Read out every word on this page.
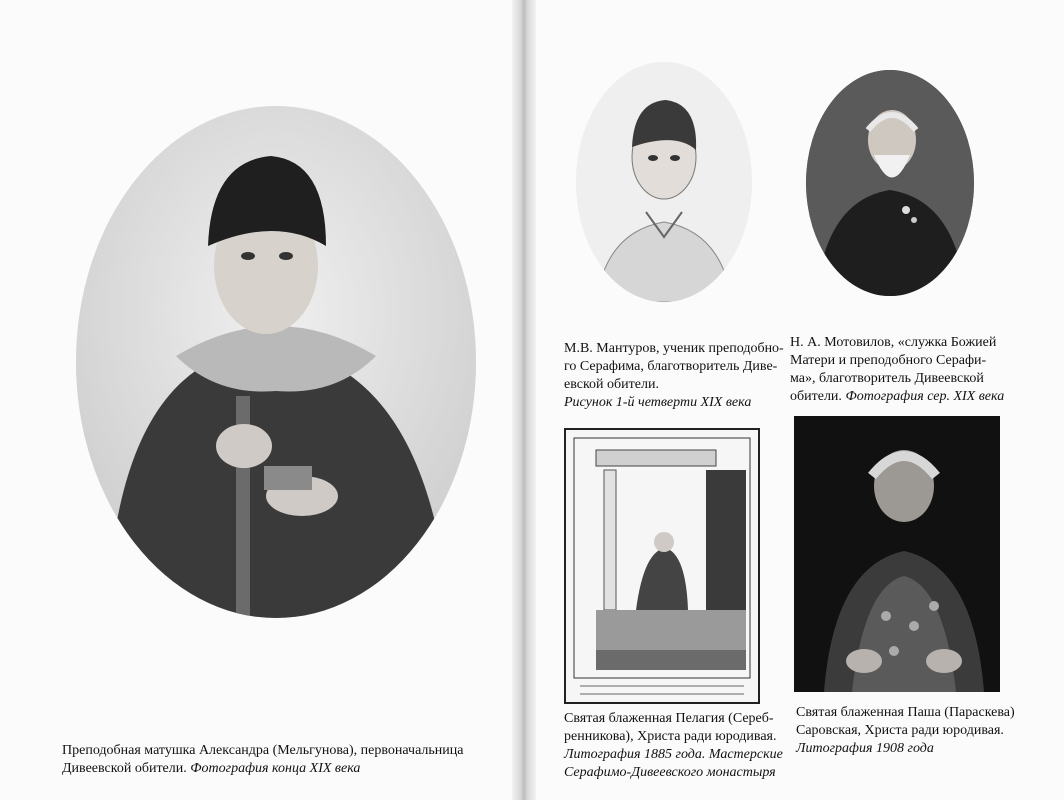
М.В. Мантуров, ученик преподобно-
го Серафима, благотворитель Диве-
евской обители.
Рисунок 1-й четверти XIX века
Н. А. Мотовилов, «служка Божией
Матери и преподобного Серафи-
ма», благотворитель Дивеевской
обители. Фотография сер. XIX века
Святая блаженная Пелагия (Сереб-
ренникова), Христа ради юродивая.
Литография 1885 года. Мастерские
Серафимо-Дивеевского монастыря
Святая блаженная Паша (Параскева)
Саровская, Христа ради юродивая.
Литография 1908 года
Преподобная матушка Александра (Мельгунова), первоначальница Дивеевской обители. Фотография конца XIX века
